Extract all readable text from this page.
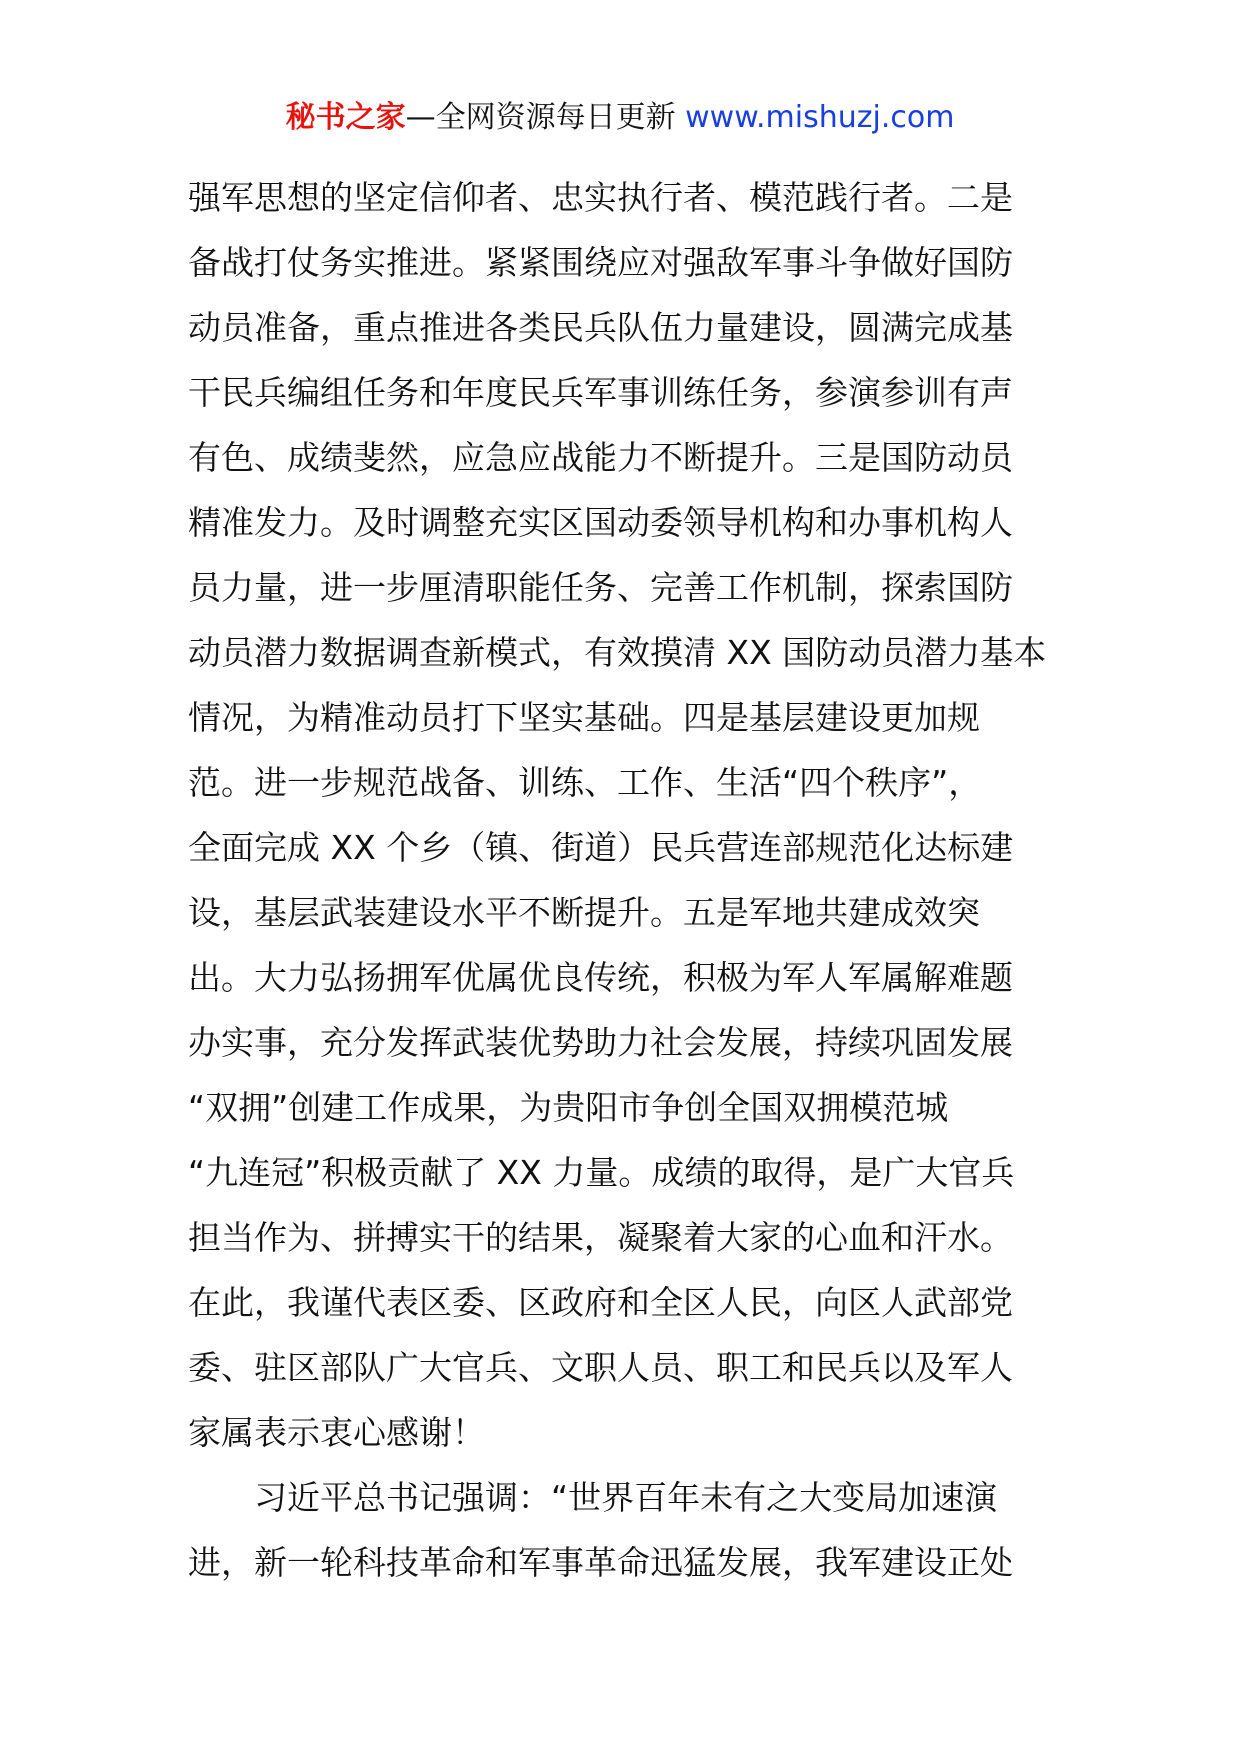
秘书之家—全网资源每日更新 www.mishuzj.com
强军思想的坚定信仰者、忠实执行者、模范践行者。二是
备战打仗务实推进。紧紧围绕应对强敌军事斗争做好国防
动员准备，重点推进各类民兵队伍力量建设，圆满完成基
干民兵编组任务和年度民兵军事训练任务，参演参训有声
有色、成绩斐然，应急应战能力不断提升。三是国防动员
精准发力。及时调整充实区国动委领导机构和办事机构人
员力量，进一步厘清职能任务、完善工作机制，探索国防
动员潜力数据调查新模式，有效摸清 XX 国防动员潜力基本
情况，为精准动员打下坚实基础。四是基层建设更加规
范。进一步规范战备、训练、工作、生活“四个秩序”，
全面完成 XX 个乡（镇、街道）民兵营连部规范化达标建
设，基层武装建设水平不断提升。五是军地共建成效突
出。大力弘扬拥军优属优良传统，积极为军人军属解难题
办实事，充分发挥武装优势助力社会发展，持续巩固发展
“双拥”创建工作成果，为贵阳市争创全国双拥模范城
“九连冠”积极贡献了 XX 力量。成绩的取得，是广大官兵
担当作为、拼搏实干的结果，凝聚着大家的心血和汗水。
在此，我谨代表区委、区政府和全区人民，向区人武部党
委、驻区部队广大官兵、文职人员、职工和民兵以及军人
家属表示衷心感谢！
习近平总书记强调：“世界百年未有之大变局加速演
进，新一轮科技革命和军事革命迅猛发展，我军建设正处
